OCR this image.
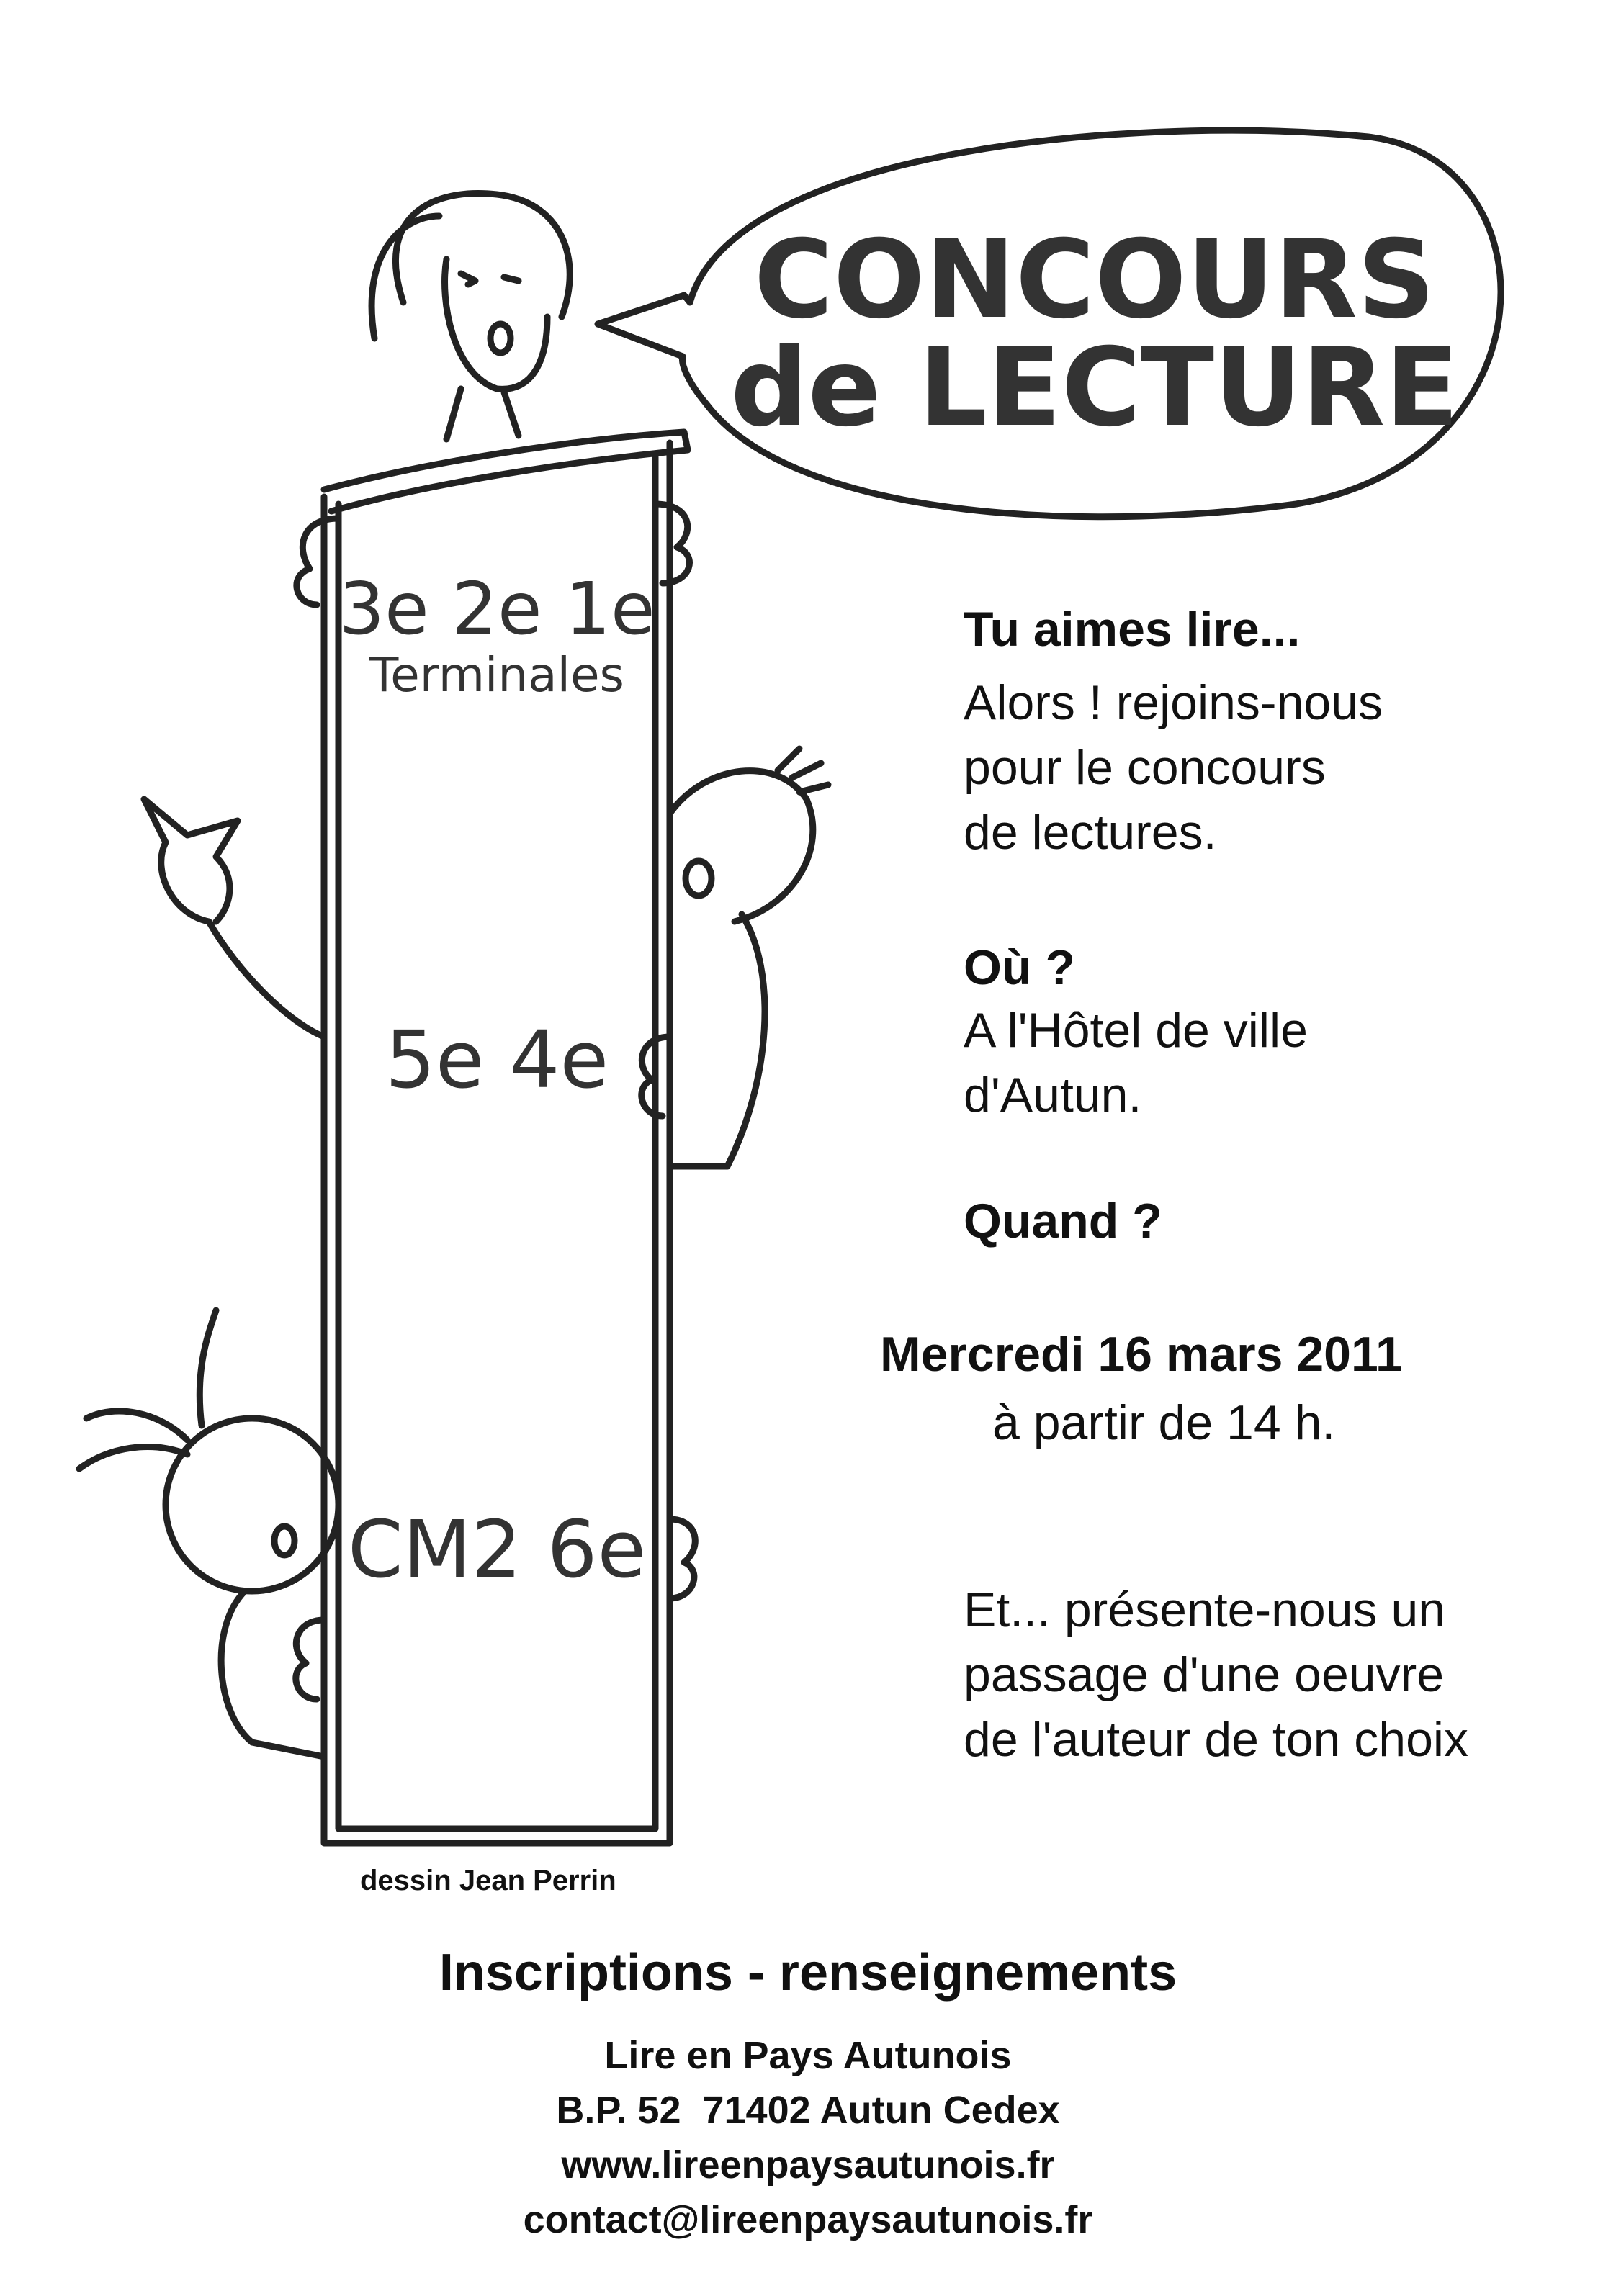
CONCOURS
de LECTURE
3e 2e 1e
Terminales
5e 4e
CM2 6e
dessin Jean Perrin
Tu aimes lire...
Alors ! rejoins-nous
pour le concours
de lectures.
Où ?
A l'Hôtel de ville
d'Autun.
Quand ?
Mercredi 16 mars 2011
à partir de 14 h.
Et... présente-nous un
passage d'une oeuvre
de l'auteur de ton choix
Inscriptions - renseignements
Lire en Pays Autunois
B.P. 52  71402 Autun Cedex
www.lireenpaysautunois.fr
contact@lireenpaysautunois.fr
